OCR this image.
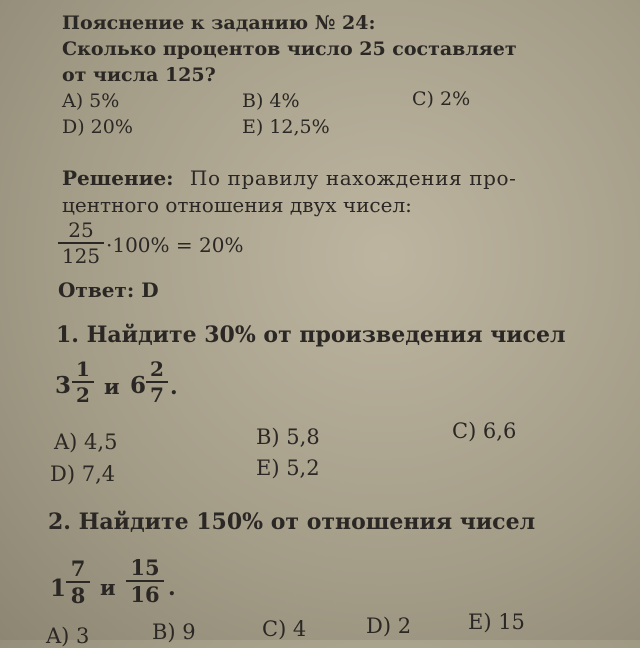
Пояснение к заданию № 24:
Сколько процентов число 25 составляет
от числа 125?
A) 5%	B) 4%	C) 2%
D) 20%	E) 12,5%
Решение: По правилу нахождения про-
центного отношения двух чисел:
25
125 ·100% = 20%
Ответ: D
1. Найдите 30% от произведения чисел
3
1
2 и 6
2
7 .
A) 4,5	B) 5,8	C) 6,6
D) 7,4	E) 5,2
2. Найдите 150% от отношения чисел
1
7
8 и
15
16 .
A) 3	B) 9	C) 4	D) 2	E) 15
